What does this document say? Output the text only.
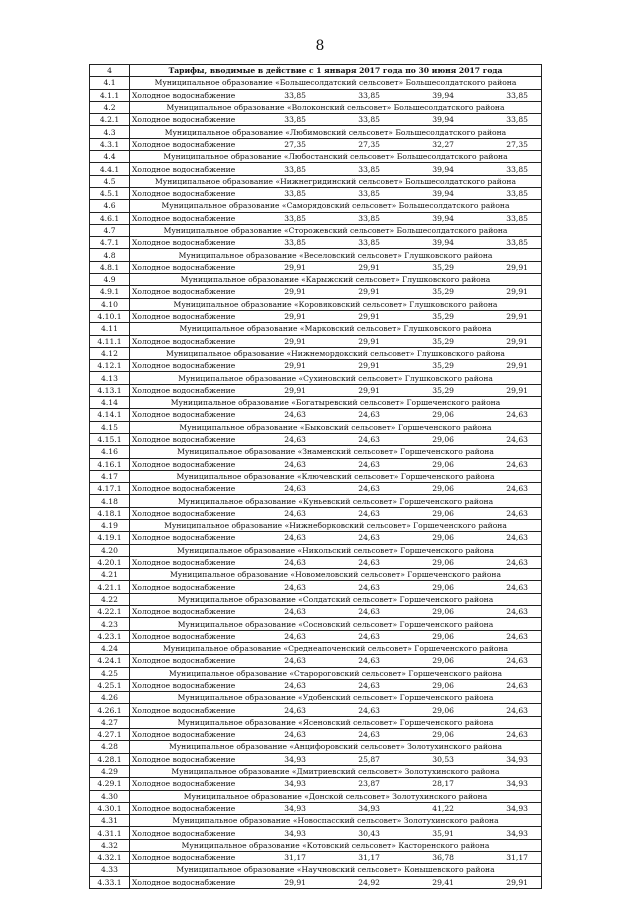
8
4	Тарифы, вводимые в действие с 1 января 2017 года по 30 июня 2017 года
4.1	Муниципальное образование «Большесолдатский сельсовет» Большесолдатского района
4.1.1	Холодное водоснабжение 33,85 33,85 39,94 33,85
4.2	Муниципальное образование «Волоконский сельсовет» Большесолдатского района
4.2.1	Холодное водоснабжение 33,85 33,85 39,94 33,85
4.3	Муниципальное образование «Любимовский сельсовет» Большесолдатского района
4.3.1	Холодное водоснабжение 27,35 27,35 32,27 27,35
4.4	Муниципальное образование «Любостанский сельсовет» Большесолдатского района
4.4.1	Холодное водоснабжение 33,85 33,85 39,94 33,85
4.5	Муниципальное образование «Нижнегридинский сельсовет» Большесолдатского района
4.5.1	Холодное водоснабжение 33,85 33,85 39,94 33,85
4.6	Муниципальное образование «Саморядовский сельсовет» Большесолдатского района
4.6.1	Холодное водоснабжение 33,85 33,85 39,94 33,85
4.7	Муниципальное образование «Сторожевский сельсовет» Большесолдатского района
4.7.1	Холодное водоснабжение 33,85 33,85 39,94 33,85
4.8	Муниципальное образование «Веселовский сельсовет» Глушковского района
4.8.1	Холодное водоснабжение 29,91 29,91 35,29 29,91
4.9	Муниципальное образование «Карыжский сельсовет» Глушковского района
4.9.1	Холодное водоснабжение 29,91 29,91 35,29 29,91
4.10	Муниципальное образование «Коровяковский сельсовет» Глушковского района
4.10.1	Холодное водоснабжение 29,91 29,91 35,29 29,91
4.11	Муниципальное образование «Марковский сельсовет» Глушковского района
4.11.1	Холодное водоснабжение 29,91 29,91 35,29 29,91
4.12	Муниципальное образование «Нижнемордокский сельсовет» Глушковского района
4.12.1	Холодное водоснабжение 29,91 29,91 35,29 29,91
4.13	Муниципальное образование «Сухиновский сельсовет» Глушковского района
4.13.1	Холодное водоснабжение 29,91 29,91 35,29 29,91
4.14	Муниципальное образование «Богатыревский сельсовет» Горшеченского района
4.14.1	Холодное водоснабжение 24,63 24,63 29,06 24,63
4.15	Муниципальное образование «Быковский сельсовет» Горшеченского района
4.15.1	Холодное водоснабжение 24,63 24,63 29,06 24,63
4.16	Муниципальное образование «Знаменский сельсовет» Горшеченского района
4.16.1	Холодное водоснабжение 24,63 24,63 29,06 24,63
4.17	Муниципальное образование «Ключевский сельсовет» Горшеченского района
4.17.1	Холодное водоснабжение 24,63 24,63 29,06 24,63
4.18	Муниципальное образование «Куньевский сельсовет» Горшеченского района
4.18.1	Холодное водоснабжение 24,63 24,63 29,06 24,63
4.19	Муниципальное образование «Нижнеборковский сельсовет» Горшеченского района
4.19.1	Холодное водоснабжение 24,63 24,63 29,06 24,63
4.20	Муниципальное образование «Никольский сельсовет» Горшеченского района
4.20.1	Холодное водоснабжение 24,63 24,63 29,06 24,63
4.21	Муниципальное образование «Новомеловский сельсовет» Горшеченского района
4.21.1	Холодное водоснабжение 24,63 24,63 29,06 24,63
4.22	Муниципальное образование «Солдатский сельсовет» Горшеченского района
4.22.1	Холодное водоснабжение 24,63 24,63 29,06 24,63
4.23	Муниципальное образование «Сосновский сельсовет» Горшеченского района
4.23.1	Холодное водоснабжение 24,63 24,63 29,06 24,63
4.24	Муниципальное образование «Среднеапоченский сельсовет» Горшеченского района
4.24.1	Холодное водоснабжение 24,63 24,63 29,06 24,63
4.25	Муниципальное образование «Старороговский сельсовет» Горшеченского района
4.25.1	Холодное водоснабжение 24,63 24,63 29,06 24,63
4.26	Муниципальное образование «Удобенский сельсовет» Горшеченского района
4.26.1	Холодное водоснабжение 24,63 24,63 29,06 24,63
4.27	Муниципальное образование «Ясеновский сельсовет» Горшеченского района
4.27.1	Холодное водоснабжение 24,63 24,63 29,06 24,63
4.28	Муниципальное образование «Анцифоровский сельсовет» Золотухинского района
4.28.1	Холодное водоснабжение 34,93 25,87 30,53 34,93
4.29	Муниципальное образование «Дмитриевский сельсовет» Золотухинского района
4.29.1	Холодное водоснабжение 34,93 23,87 28,17 34,93
4.30	Муниципальное образование «Донской сельсовет» Золотухинского района
4.30.1	Холодное водоснабжение 34,93 34,93 41,22 34,93
4.31	Муниципальное образование «Новоспасский сельсовет» Золотухинского района
4.31.1	Холодное водоснабжение 34,93 30,43 35,91 34,93
4.32	Муниципальное образование «Котовский сельсовет» Касторенского района
4.32.1	Холодное водоснабжение 31,17 31,17 36,78 31,17
4.33	Муниципальное образование «Научновский сельсовет» Конышевского района
4.33.1	Холодное водоснабжение 29,91 24,92 29,41 29,91
